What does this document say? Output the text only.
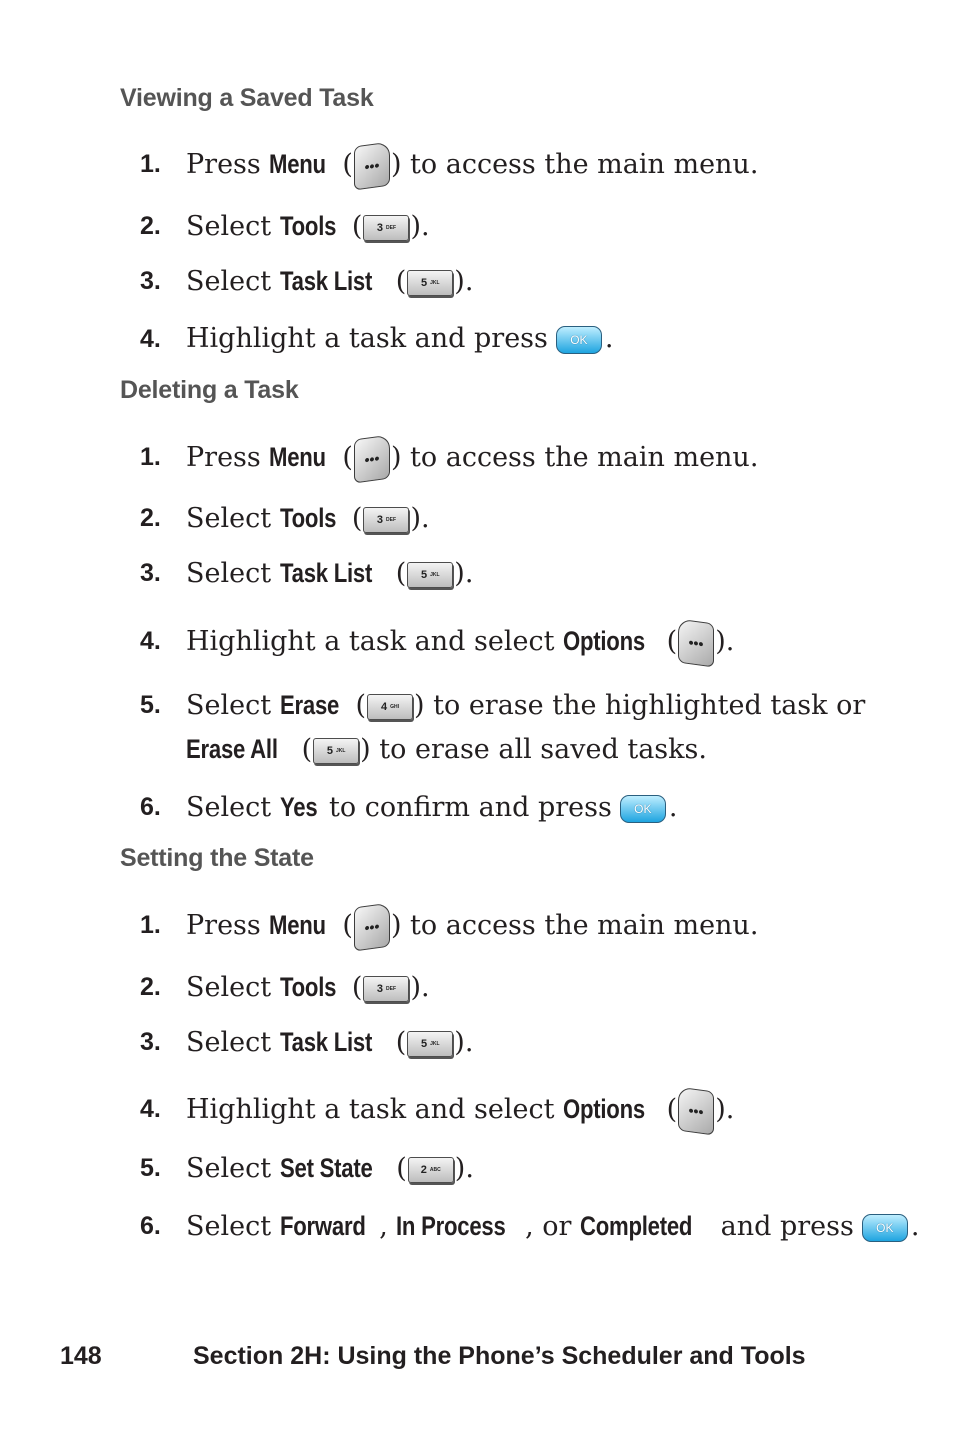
Viewing a Saved Task
1. Press Menu ( ••• ) to access the main menu.
2. Select Tools ( 3 DEF ).
3. Select Task List ( 5 JKL ).
4. Highlight a task and press OK .
Deleting a Task
1. Press Menu ( ••• ) to access the main menu.
2. Select Tools ( 3 DEF ).
3. Select Task List ( 5 JKL ).
4. Highlight a task and select Options ( ••• ).
5. Select Erase ( 4 GHI ) to erase the highlighted task or
Erase All ( 5 JKL ) to erase all saved tasks.
6. Select Yes to confirm and press OK .
Setting the State
1. Press Menu ( ••• ) to access the main menu.
2. Select Tools ( 3 DEF ).
3. Select Task List ( 5 JKL ).
4. Highlight a task and select Options ( ••• ).
5. Select Set State ( 2 ABC ).
6. Select Forward , In Process , or Completed and press OK .

148	Section 2H: Using the Phone’s Scheduler and Tools
